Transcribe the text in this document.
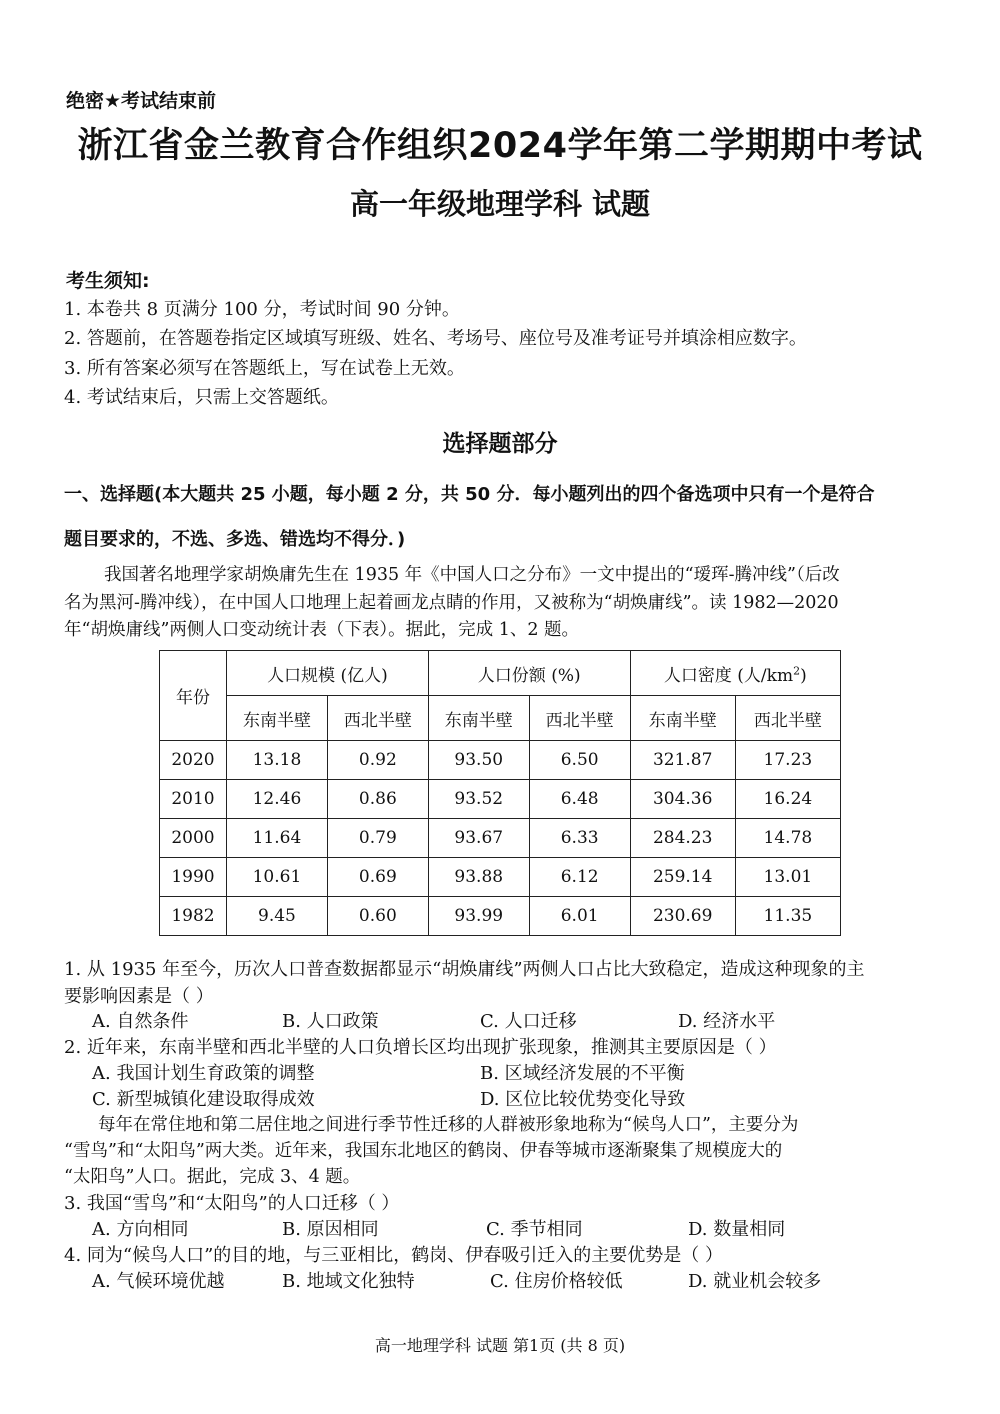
绝密★考试结束前
浙江省金兰教育合作组织2024学年第二学期期中考试
高一年级地理学科 试题
考生须知:
1. 本卷共 8 页满分 100 分，考试时间 90 分钟。
2. 答题前，在答题卷指定区域填写班级、姓名、考场号、座位号及准考证号并填涂相应数字。
3. 所有答案必须写在答题纸上，写在试卷上无效。
4. 考试结束后，只需上交答题纸。
选择题部分
一、选择题(本大题共 25 小题，每小题 2 分，共 50 分．每小题列出的四个备选项中只有一个是符合
题目要求的，不选、多选、错选均不得分．)
我国著名地理学家胡焕庸先生在 1935 年《中国人口之分布》一文中提出的“瑷珲-腾冲线”（后改
名为黑河-腾冲线），在中国人口地理上起着画龙点睛的作用，又被称为“胡焕庸线”。读 1982—2020
年“胡焕庸线”两侧人口变动统计表（下表）。据此，完成 1、2 题。
年份	人口规模 (亿人)		人口份额 (%)		人口密度 (人$/km^2$)	
	东南半壁	西北半壁	东南半壁	西北半壁	东南半壁	西北半壁
2020	13.18	0.92	93.50	6.50	321.87	17.23
2010	12.46	0.86	93.52	6.48	304.36	16.24
2000	11.64	0.79	93.67	6.33	284.23	14.78
1990	10.61	0.69	93.88	6.12	259.14	13.01
1982	9.45	0.60	93.99	6.01	230.69	11.35
1. 从 1935 年至今，历次人口普查数据都显示“胡焕庸线”两侧人口占比大致稳定，造成这种现象的主
要影响因素是（ ）
A. 自然条件	B. 人口政策	C. 人口迁移	D. 经济水平
2. 近年来，东南半壁和西北半壁的人口负增长区均出现扩张现象，推测其主要原因是（ ）
A. 我国计划生育政策的调整	B. 区域经济发展的不平衡
C. 新型城镇化建设取得成效	D. 区位比较优势变化导致
每年在常住地和第二居住地之间进行季节性迁移的人群被形象地称为“候鸟人口”，主要分为
“雪鸟”和“太阳鸟”两大类。近年来，我国东北地区的鹤岗、伊春等城市逐渐聚集了规模庞大的
“太阳鸟”人口。据此，完成 3、4 题。
3. 我国“雪鸟”和“太阳鸟”的人口迁移（ ）
A. 方向相同	B. 原因相同	C. 季节相同	D. 数量相同
4. 同为“候鸟人口”的目的地，与三亚相比，鹤岗、伊春吸引迁入的主要优势是（ ）
A. 气候环境优越	B. 地域文化独特	C. 住房价格较低	D. 就业机会较多
高一地理学科 试题 第1页 (共 8 页)
